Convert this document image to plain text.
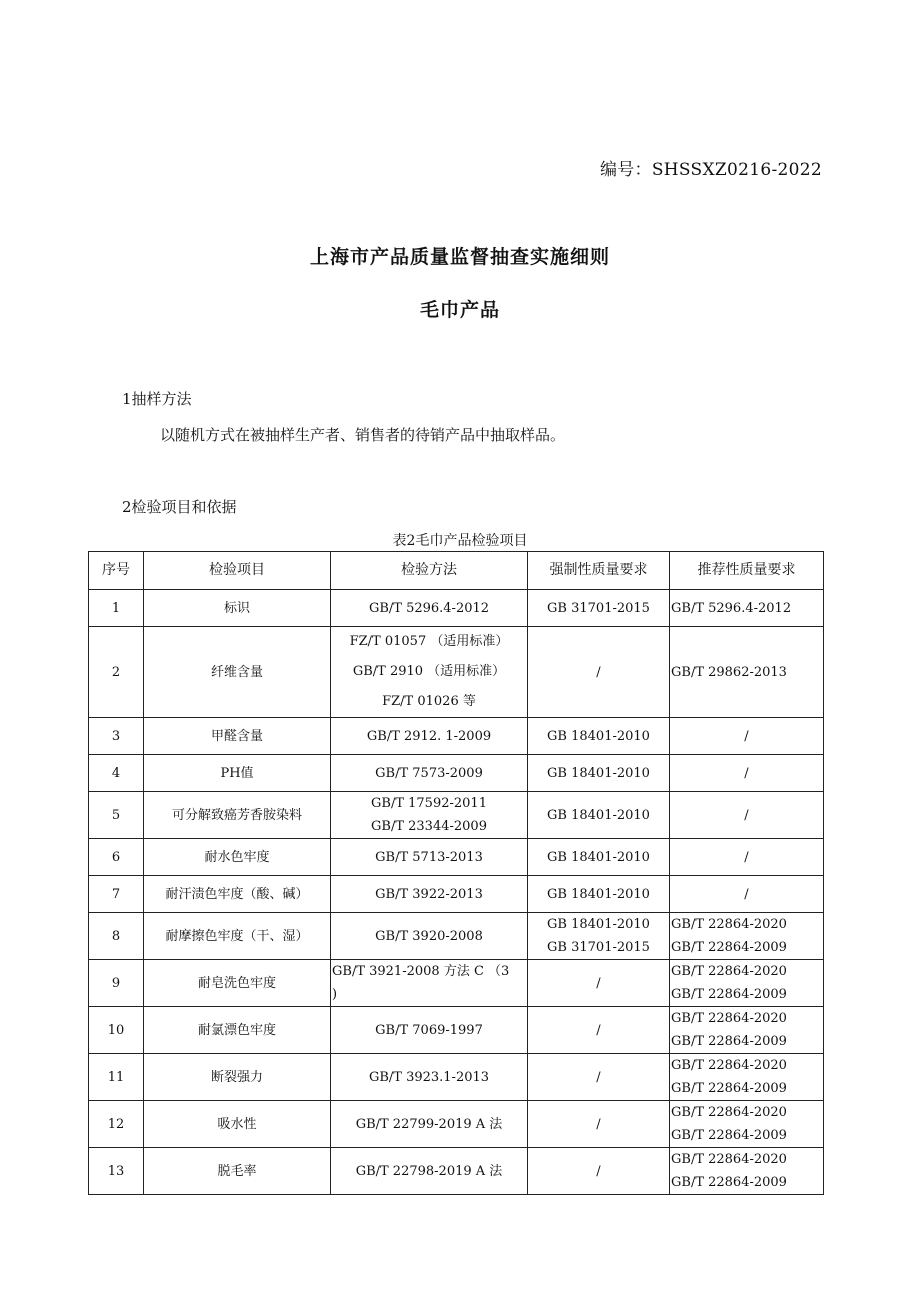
编号：SHSSXZ0216-2022
上海市产品质量监督抽查实施细则
毛巾产品
1抽样方法
以随机方式在被抽样生产者、销售者的待销产品中抽取样品。
2检验项目和依据
表2毛巾产品检验项目
序号	检验项目	检验方法	强制性质量要求	推荐性质量要求
1	标识	GB/T 5296.4-2012	GB 31701-2015	GB/T 5296.4-2012

2	纤维含量	FZ/T 01057 （适用标准）
GB/T 2910 （适用标准）
FZ/T 01026 等	/	GB/T 29862-2013

3	甲醛含量	GB/T 2912. 1-2009	GB 18401-2010	/

4	PH值	GB/T 7573-2009	GB 18401-2010	/

5	可分解致癌芳香胺染料	GB/T 17592-2011
GB/T 23344-2009	GB 18401-2010	/

6	耐水色牢度	GB/T 5713-2013	GB 18401-2010	/

7	耐汗渍色牢度（酸、碱）	GB/T 3922-2013	GB 18401-2010	/

8	耐摩擦色牢度（干、湿）	GB/T 3920-2008	GB 18401-2010
GB 31701-2015	GB/T 22864-2020
GB/T 22864-2009

9	耐皂洗色牢度	GB/T 3921-2008 方法 C （3
)	/	GB/T 22864-2020
GB/T 22864-2009

10	耐氯漂色牢度	GB/T 7069-1997	/	GB/T 22864-2020
GB/T 22864-2009

11	断裂强力	GB/T 3923.1-2013	/	GB/T 22864-2020
GB/T 22864-2009

12	吸水性	GB/T 22799-2019 A 法	/	GB/T 22864-2020
GB/T 22864-2009

13	脱毛率	GB/T 22798-2019 A 法	/	GB/T 22864-2020
GB/T 22864-2009
